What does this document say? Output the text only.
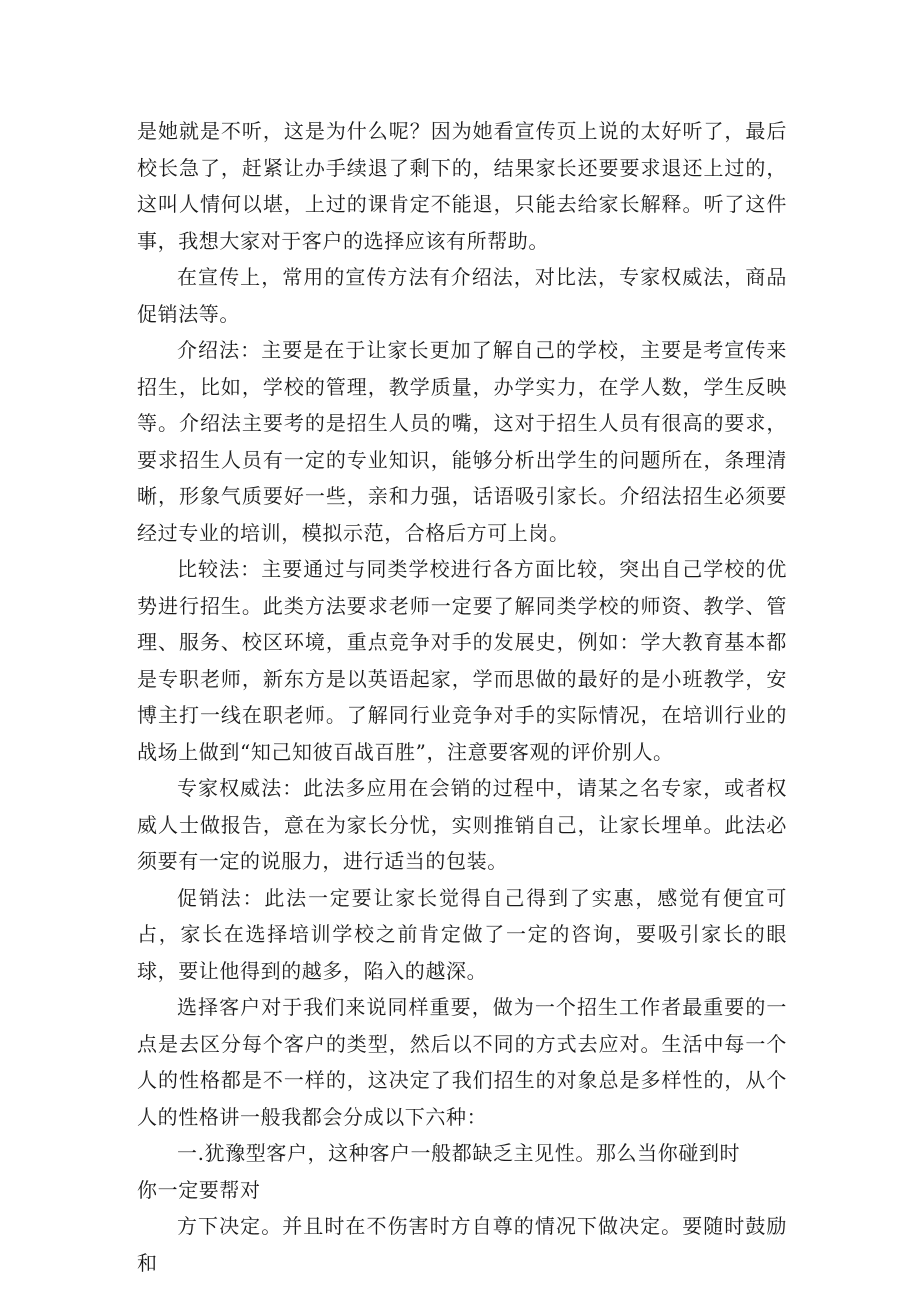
是她就是不听，这是为什么呢？因为她看宣传页上说的太好听了，最后校长急了，赶紧让办手续退了剩下的，结果家长还要要求退还上过的，这叫人情何以堪，上过的课肯定不能退，只能去给家长解释。听了这件事，我想大家对于客户的选择应该有所帮助。

在宣传上，常用的宣传方法有介绍法，对比法，专家权威法，商品促销法等。

介绍法：主要是在于让家长更加了解自己的学校，主要是考宣传来招生，比如，学校的管理，教学质量，办学实力，在学人数，学生反映等。介绍法主要考的是招生人员的嘴，这对于招生人员有很高的要求，要求招生人员有一定的专业知识，能够分析出学生的问题所在，条理清晰，形象气质要好一些，亲和力强，话语吸引家长。介绍法招生必须要经过专业的培训，模拟示范，合格后方可上岗。

比较法：主要通过与同类学校进行各方面比较，突出自己学校的优势进行招生。此类方法要求老师一定要了解同类学校的师资、教学、管理、服务、校区环境，重点竞争对手的发展史，例如：学大教育基本都是专职老师，新东方是以英语起家，学而思做的最好的是小班教学，安博主打一线在职老师。了解同行业竞争对手的实际情况，在培训行业的战场上做到“知己知彼百战百胜”，注意要客观的评价别人。

专家权威法：此法多应用在会销的过程中，请某之名专家，或者权威人士做报告，意在为家长分忧，实则推销自己，让家长埋单。此法必须要有一定的说服力，进行适当的包装。

促销法：此法一定要让家长觉得自己得到了实惠，感觉有便宜可占，家长在选择培训学校之前肯定做了一定的咨询，要吸引家长的眼球，要让他得到的越多，陷入的越深。

选择客户对于我们来说同样重要，做为一个招生工作者最重要的一点是去区分每个客户的类型，然后以不同的方式去应对。生活中每一个人的性格都是不一样的，这决定了我们招生的对象总是多样性的，从个人的性格讲一般我都会分成以下六种：

一.犹豫型客户，这种客户一般都缺乏主见性。那么当你碰到时

你一定要帮对

方下决定。并且时在不伤害时方自尊的情况下做决定。要随时鼓励和
